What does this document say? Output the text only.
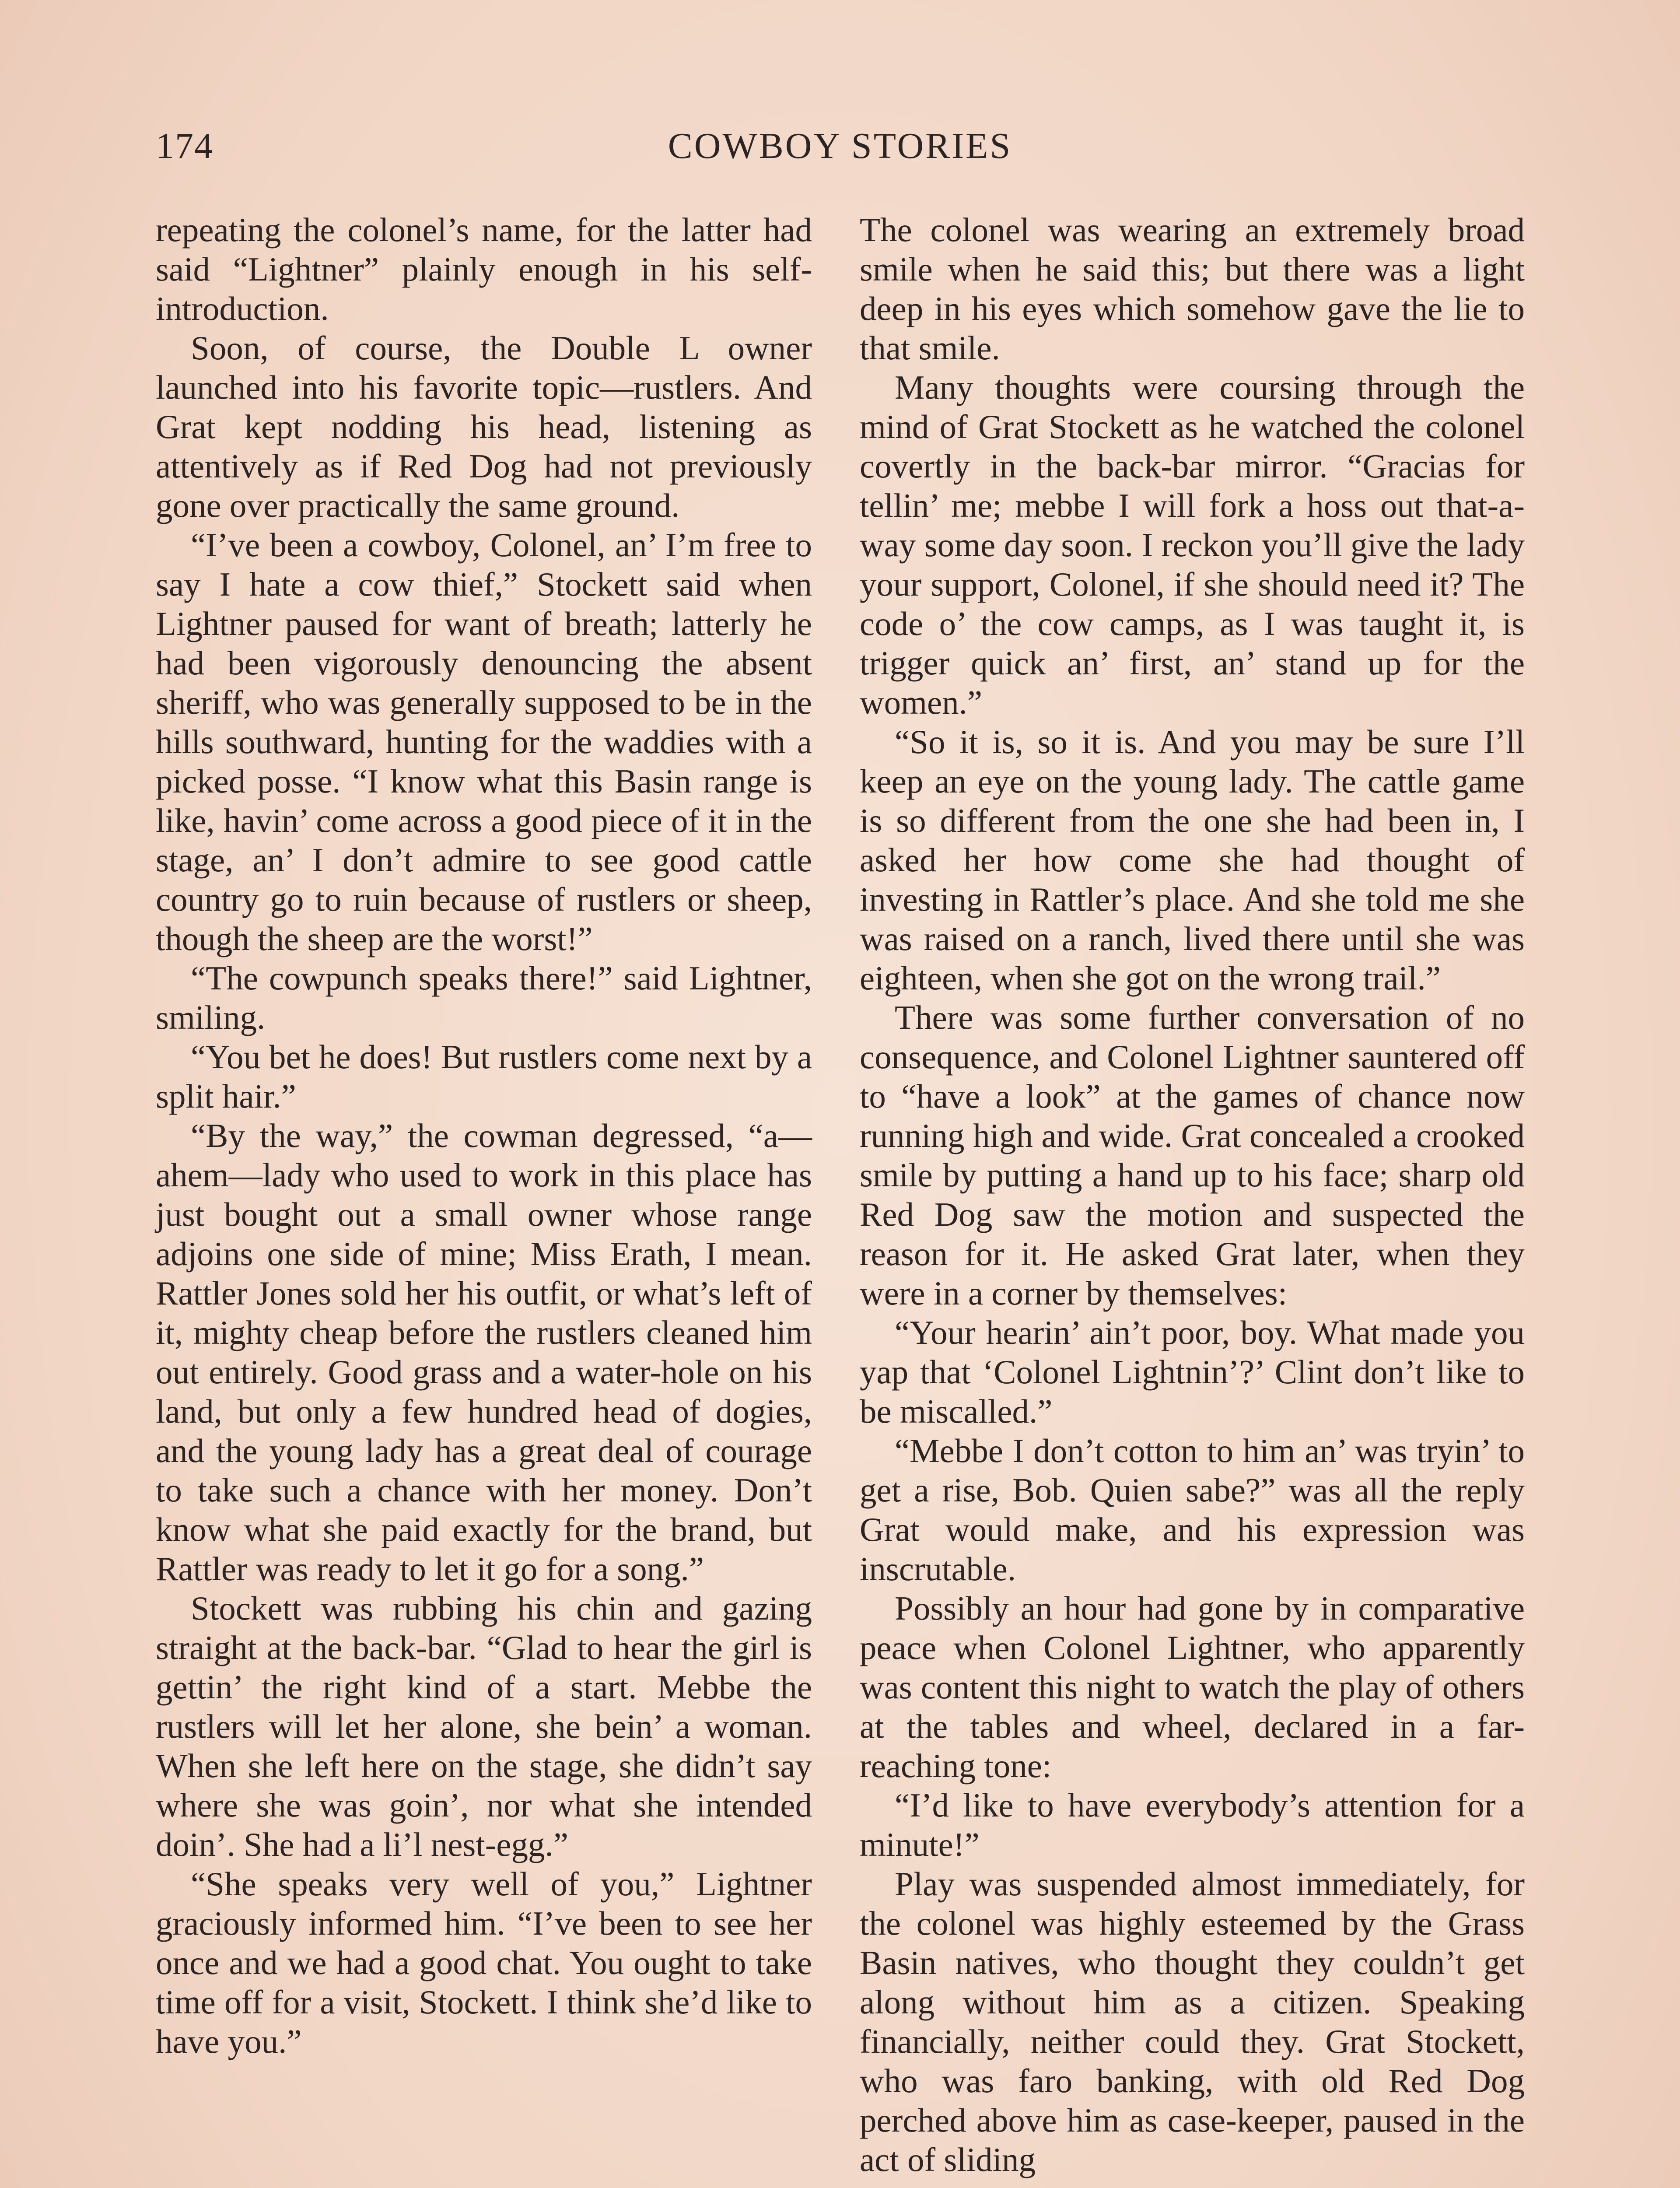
174	COWBOY STORIES

repeating the colonel’s name, for the latter had said “Lightner” plainly enough in his self-introduction.

Soon, of course, the Double L owner launched into his favorite topic—rustlers. And Grat kept nodding his head, listening as attentively as if Red Dog had not previously gone over practically the same ground.

“I’ve been a cowboy, Colonel, an’ I’m free to say I hate a cow thief,” Stockett said when Lightner paused for want of breath; latterly he had been vigorously denouncing the absent sheriff, who was generally supposed to be in the hills southward, hunting for the waddies with a picked posse. “I know what this Basin range is like, havin’ come across a good piece of it in the stage, an’ I don’t admire to see good cattle country go to ruin because of rustlers or sheep, though the sheep are the worst!”

“The cowpunch speaks there!” said Lightner, smiling.

“You bet he does! But rustlers come next by a split hair.”

“By the way,” the cowman degressed, “a—ahem—lady who used to work in this place has just bought out a small owner whose range adjoins one side of mine; Miss Erath, I mean. Rattler Jones sold her his outfit, or what’s left of it, mighty cheap before the rustlers cleaned him out entirely. Good grass and a water-hole on his land, but only a few hundred head of dogies, and the young lady has a great deal of courage to take such a chance with her money. Don’t know what she paid exactly for the brand, but Rattler was ready to let it go for a song.”

Stockett was rubbing his chin and gazing straight at the back-bar. “Glad to hear the girl is gettin’ the right kind of a start. Mebbe the rustlers will let her alone, she bein’ a woman. When she left here on the stage, she didn’t say where she was goin’, nor what she intended doin’. She had a li’l nest-egg.”

“She speaks very well of you,” Lightner graciously informed him. “I’ve been to see her once and we had a good chat. You ought to take time off for a visit, Stockett. I think she’d like to have you.”

The colonel was wearing an extremely broad smile when he said this; but there was a light deep in his eyes which somehow gave the lie to that smile.

Many thoughts were coursing through the mind of Grat Stockett as he watched the colonel covertly in the back-bar mirror. “Gracias for tellin’ me; mebbe I will fork a hoss out that-a-way some day soon. I reckon you’ll give the lady your support, Colonel, if she should need it? The code o’ the cow camps, as I was taught it, is trigger quick an’ first, an’ stand up for the women.”

“So it is, so it is. And you may be sure I’ll keep an eye on the young lady. The cattle game is so different from the one she had been in, I asked her how come she had thought of investing in Rattler’s place. And she told me she was raised on a ranch, lived there until she was eighteen, when she got on the wrong trail.”

There was some further conversation of no consequence, and Colonel Lightner sauntered off to “have a look” at the games of chance now running high and wide. Grat concealed a crooked smile by putting a hand up to his face; sharp old Red Dog saw the motion and suspected the reason for it. He asked Grat later, when they were in a corner by themselves:

“Your hearin’ ain’t poor, boy. What made you yap that ‘Colonel Lightnin’?’ Clint don’t like to be miscalled.”

“Mebbe I don’t cotton to him an’ was tryin’ to get a rise, Bob. Quien sabe?” was all the reply Grat would make, and his expression was inscrutable.

Possibly an hour had gone by in comparative peace when Colonel Lightner, who apparently was content this night to watch the play of others at the tables and wheel, declared in a far-reaching tone:

“I’d like to have everybody’s attention for a minute!”

Play was suspended almost immediately, for the colonel was highly esteemed by the Grass Basin natives, who thought they couldn’t get along without him as a citizen. Speaking financially, neither could they. Grat Stockett, who was faro banking, with old Red Dog perched above him as case-keeper, paused in the act of sliding
